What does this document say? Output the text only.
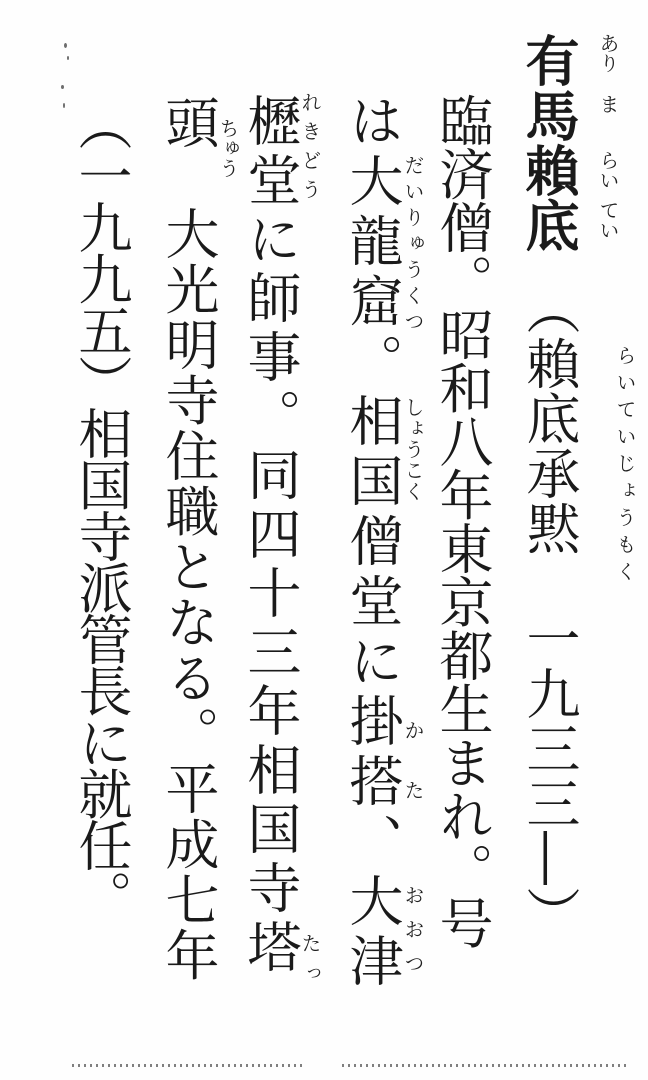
有馬賴底　（賴底承黙　一九三三―）
臨済僧。昭和八年東京都生まれ。号
は大龍窟。相国僧堂に掛搭、大津
櫪堂に師事。同四十三年相国寺塔
頭　大光明寺住職となる。平成七年
（一九九五）相国寺派管長に就任。
あり
ま
らい
てい
らいていじょうもく
だいりゅうくつ
しょうこく
かた
おおつ
れきどう
たっ
ちゅう
